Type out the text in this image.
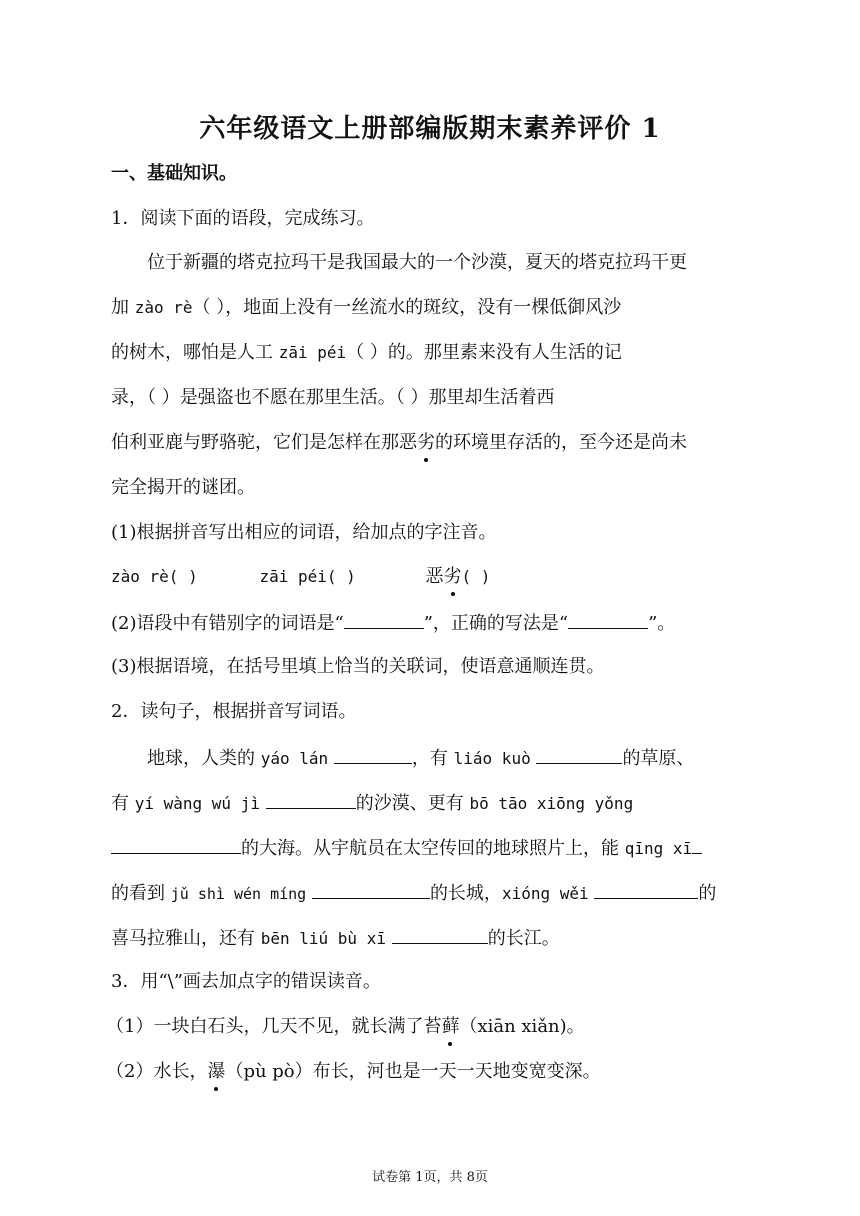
六年级语文上册部编版期末素养评价 1
一、基础知识。
1．阅读下面的语段，完成练习。
位于新疆的塔克拉玛干是我国最大的一个沙漠，夏天的塔克拉玛干更
加 zào rè（ ），地面上没有一丝流水的斑纹，没有一棵低御风沙
的树木，哪怕是人工 zāi péi（ ）的。那里素来没有人生活的记
录，（ ）是强盗也不愿在那里生活。（ ）那里却生活着西
伯利亚鹿与野骆驼，它们是怎样在那恶劣的环境里存活的，至今还是尚未
完全揭开的谜团。
(1)根据拼音写出相应的词语，给加点的字注音。
zào rè( )	zāi péi( )	恶劣( )
(2)语段中有错别字的词语是“	”，正确的写法是“	”。
(3)根据语境，在括号里填上恰当的关联词，使语意通顺连贯。
2．读句子，根据拼音写词语。
地球，人类的 yáo lán	，有 liáo kuò	的草原、
有 yí wàng wú jì	的沙漠、更有 bō tāo xiōng yǒng
的大海。从宇航员在太空传回的地球照片上，能 qīng xī
的看到 jǔ shì wén míng	的长城，xióng wěi	的
喜马拉雅山，还有 bēn liú bù xī	的长江。
3．用“\”画去加点字的错误读音。
（1）一块白石头，几天不见，就长满了苔藓（xiān xiǎn)。
（2）水长，瀑（pù pò）布长，河也是一天一天地变宽变深。
试卷第 1页，共 8页
